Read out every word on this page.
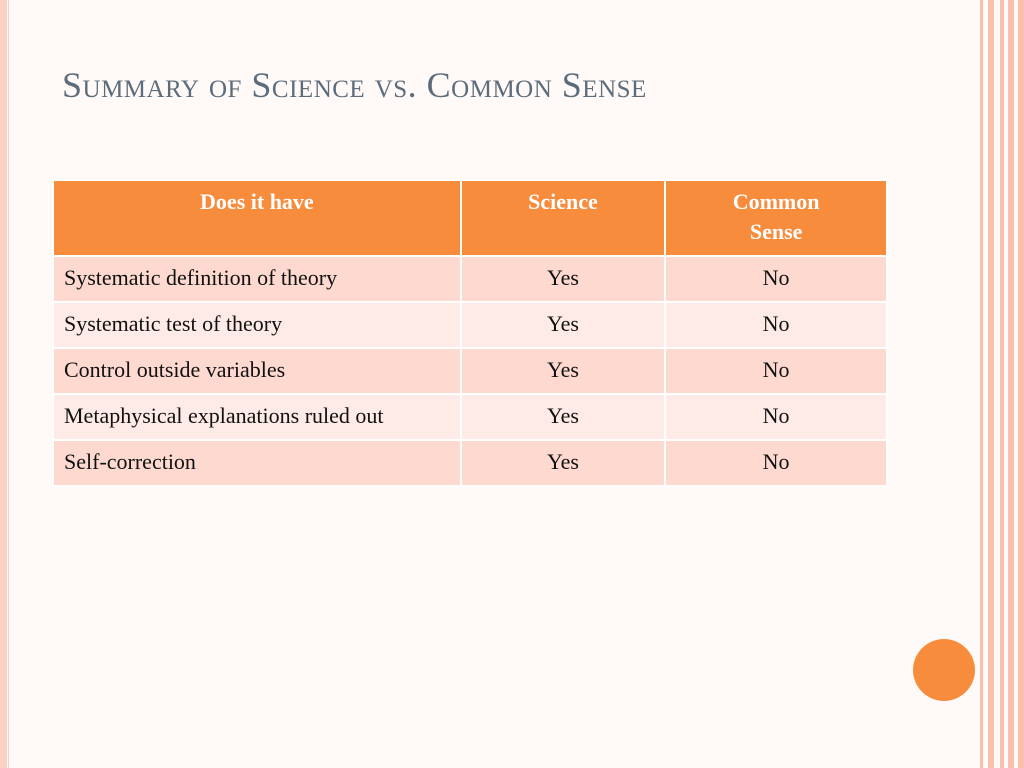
Summary of Science vs. Common Sense
Does it have	Science	Common Sense
Systematic definition of theory	Yes	No
Systematic test of theory	Yes	No
Control outside variables	Yes	No
Metaphysical explanations ruled out	Yes	No
Self-correction	Yes	No
